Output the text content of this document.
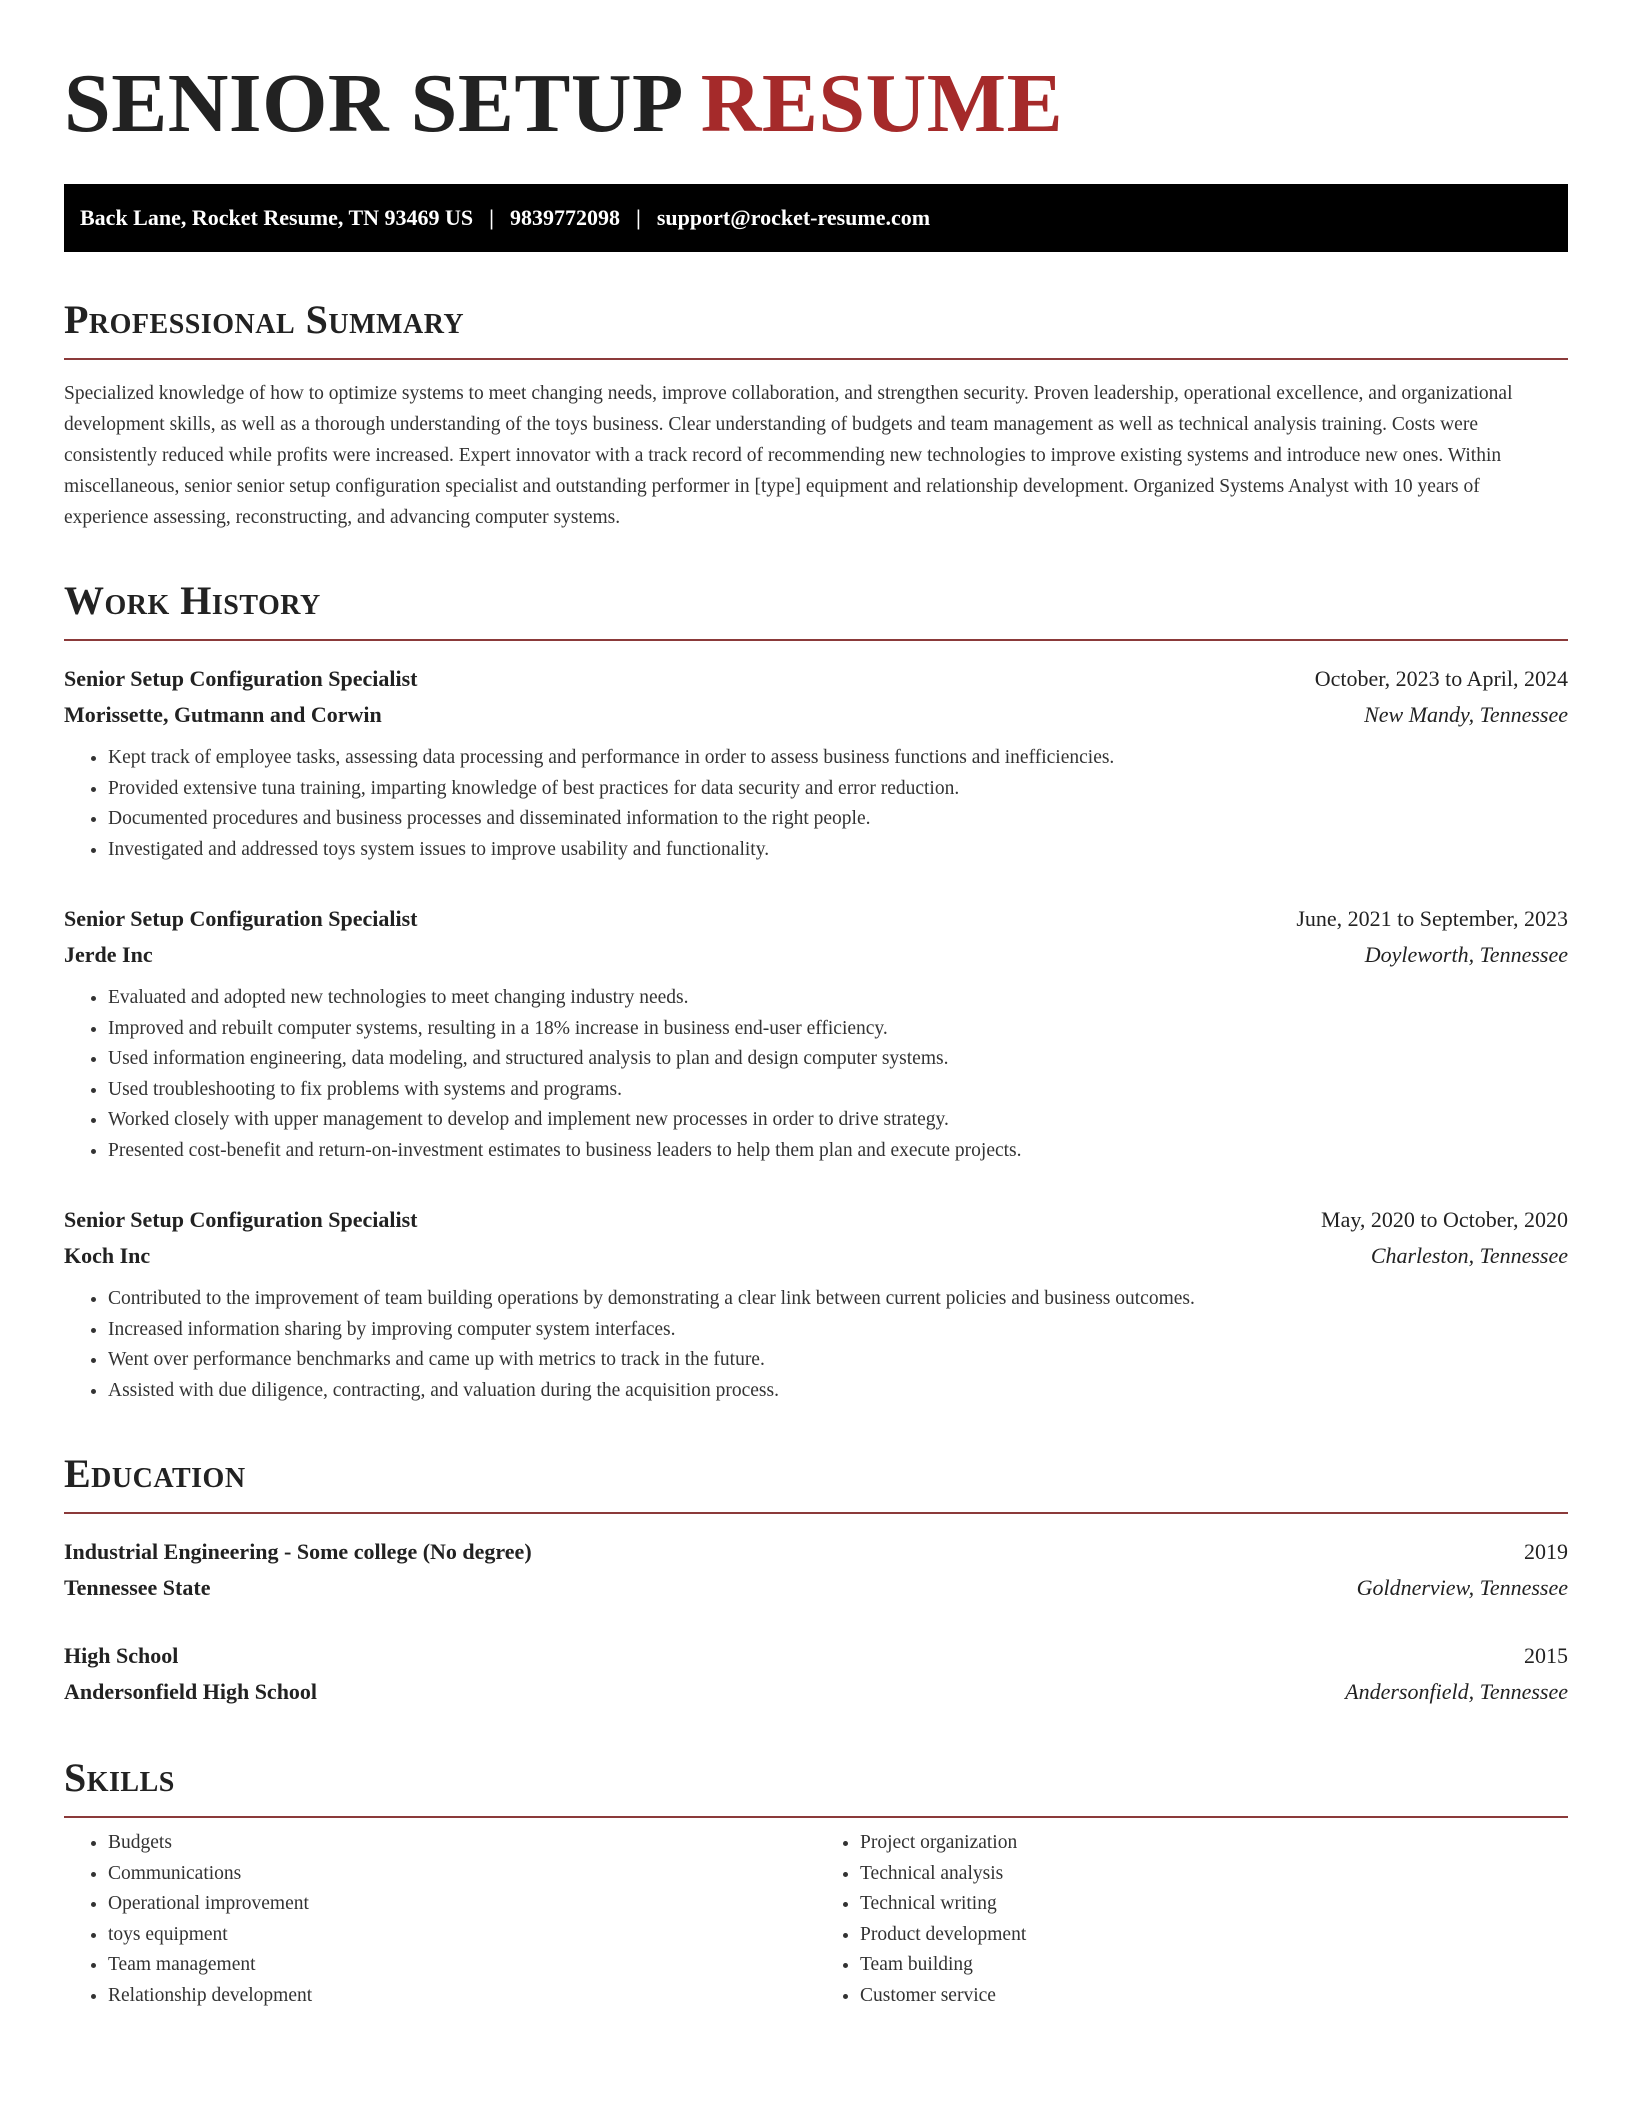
SENIOR SETUP RESUME
Back Lane, Rocket Resume, TN 93469 US | 9839772098 | support@rocket-resume.com
Professional Summary

Specialized knowledge of how to optimize systems to meet changing needs, improve collaboration, and strengthen security. Proven leadership, operational excellence, and organizational development skills, as well as a thorough understanding of the toys business. Clear understanding of budgets and team management as well as technical analysis training. Costs were consistently reduced while profits were increased. Expert innovator with a track record of recommending new technologies to improve existing systems and introduce new ones. Within miscellaneous, senior senior setup configuration specialist and outstanding performer in [type] equipment and relationship development. Organized Systems Analyst with 10 years of experience assessing, reconstructing, and advancing computer systems.

Work History
Senior Setup Configuration Specialist	October, 2023 to April, 2024
Morissette, Gutmann and Corwin	New Mandy, Tennessee
• Kept track of employee tasks, assessing data processing and performance in order to assess business functions and inefficiencies.
• Provided extensive tuna training, imparting knowledge of best practices for data security and error reduction.
• Documented procedures and business processes and disseminated information to the right people.
• Investigated and addressed toys system issues to improve usability and functionality.
Senior Setup Configuration Specialist	June, 2021 to September, 2023
Jerde Inc	Doyleworth, Tennessee
• Evaluated and adopted new technologies to meet changing industry needs.
• Improved and rebuilt computer systems, resulting in a 18% increase in business end-user efficiency.
• Used information engineering, data modeling, and structured analysis to plan and design computer systems.
• Used troubleshooting to fix problems with systems and programs.
• Worked closely with upper management to develop and implement new processes in order to drive strategy.
• Presented cost-benefit and return-on-investment estimates to business leaders to help them plan and execute projects.
Senior Setup Configuration Specialist	May, 2020 to October, 2020
Koch Inc	Charleston, Tennessee
• Contributed to the improvement of team building operations by demonstrating a clear link between current policies and business outcomes.
• Increased information sharing by improving computer system interfaces.
• Went over performance benchmarks and came up with metrics to track in the future.
• Assisted with due diligence, contracting, and valuation during the acquisition process.
Education
Industrial Engineering - Some college (No degree)	2019
Tennessee State	Goldnerview, Tennessee
High School	2015
Andersonfield High School	Andersonfield, Tennessee
Skills
• Budgets
• Communications
• Operational improvement
• toys equipment
• Team management
• Relationship development
• Project organization
• Technical analysis
• Technical writing
• Product development
• Team building
• Customer service
